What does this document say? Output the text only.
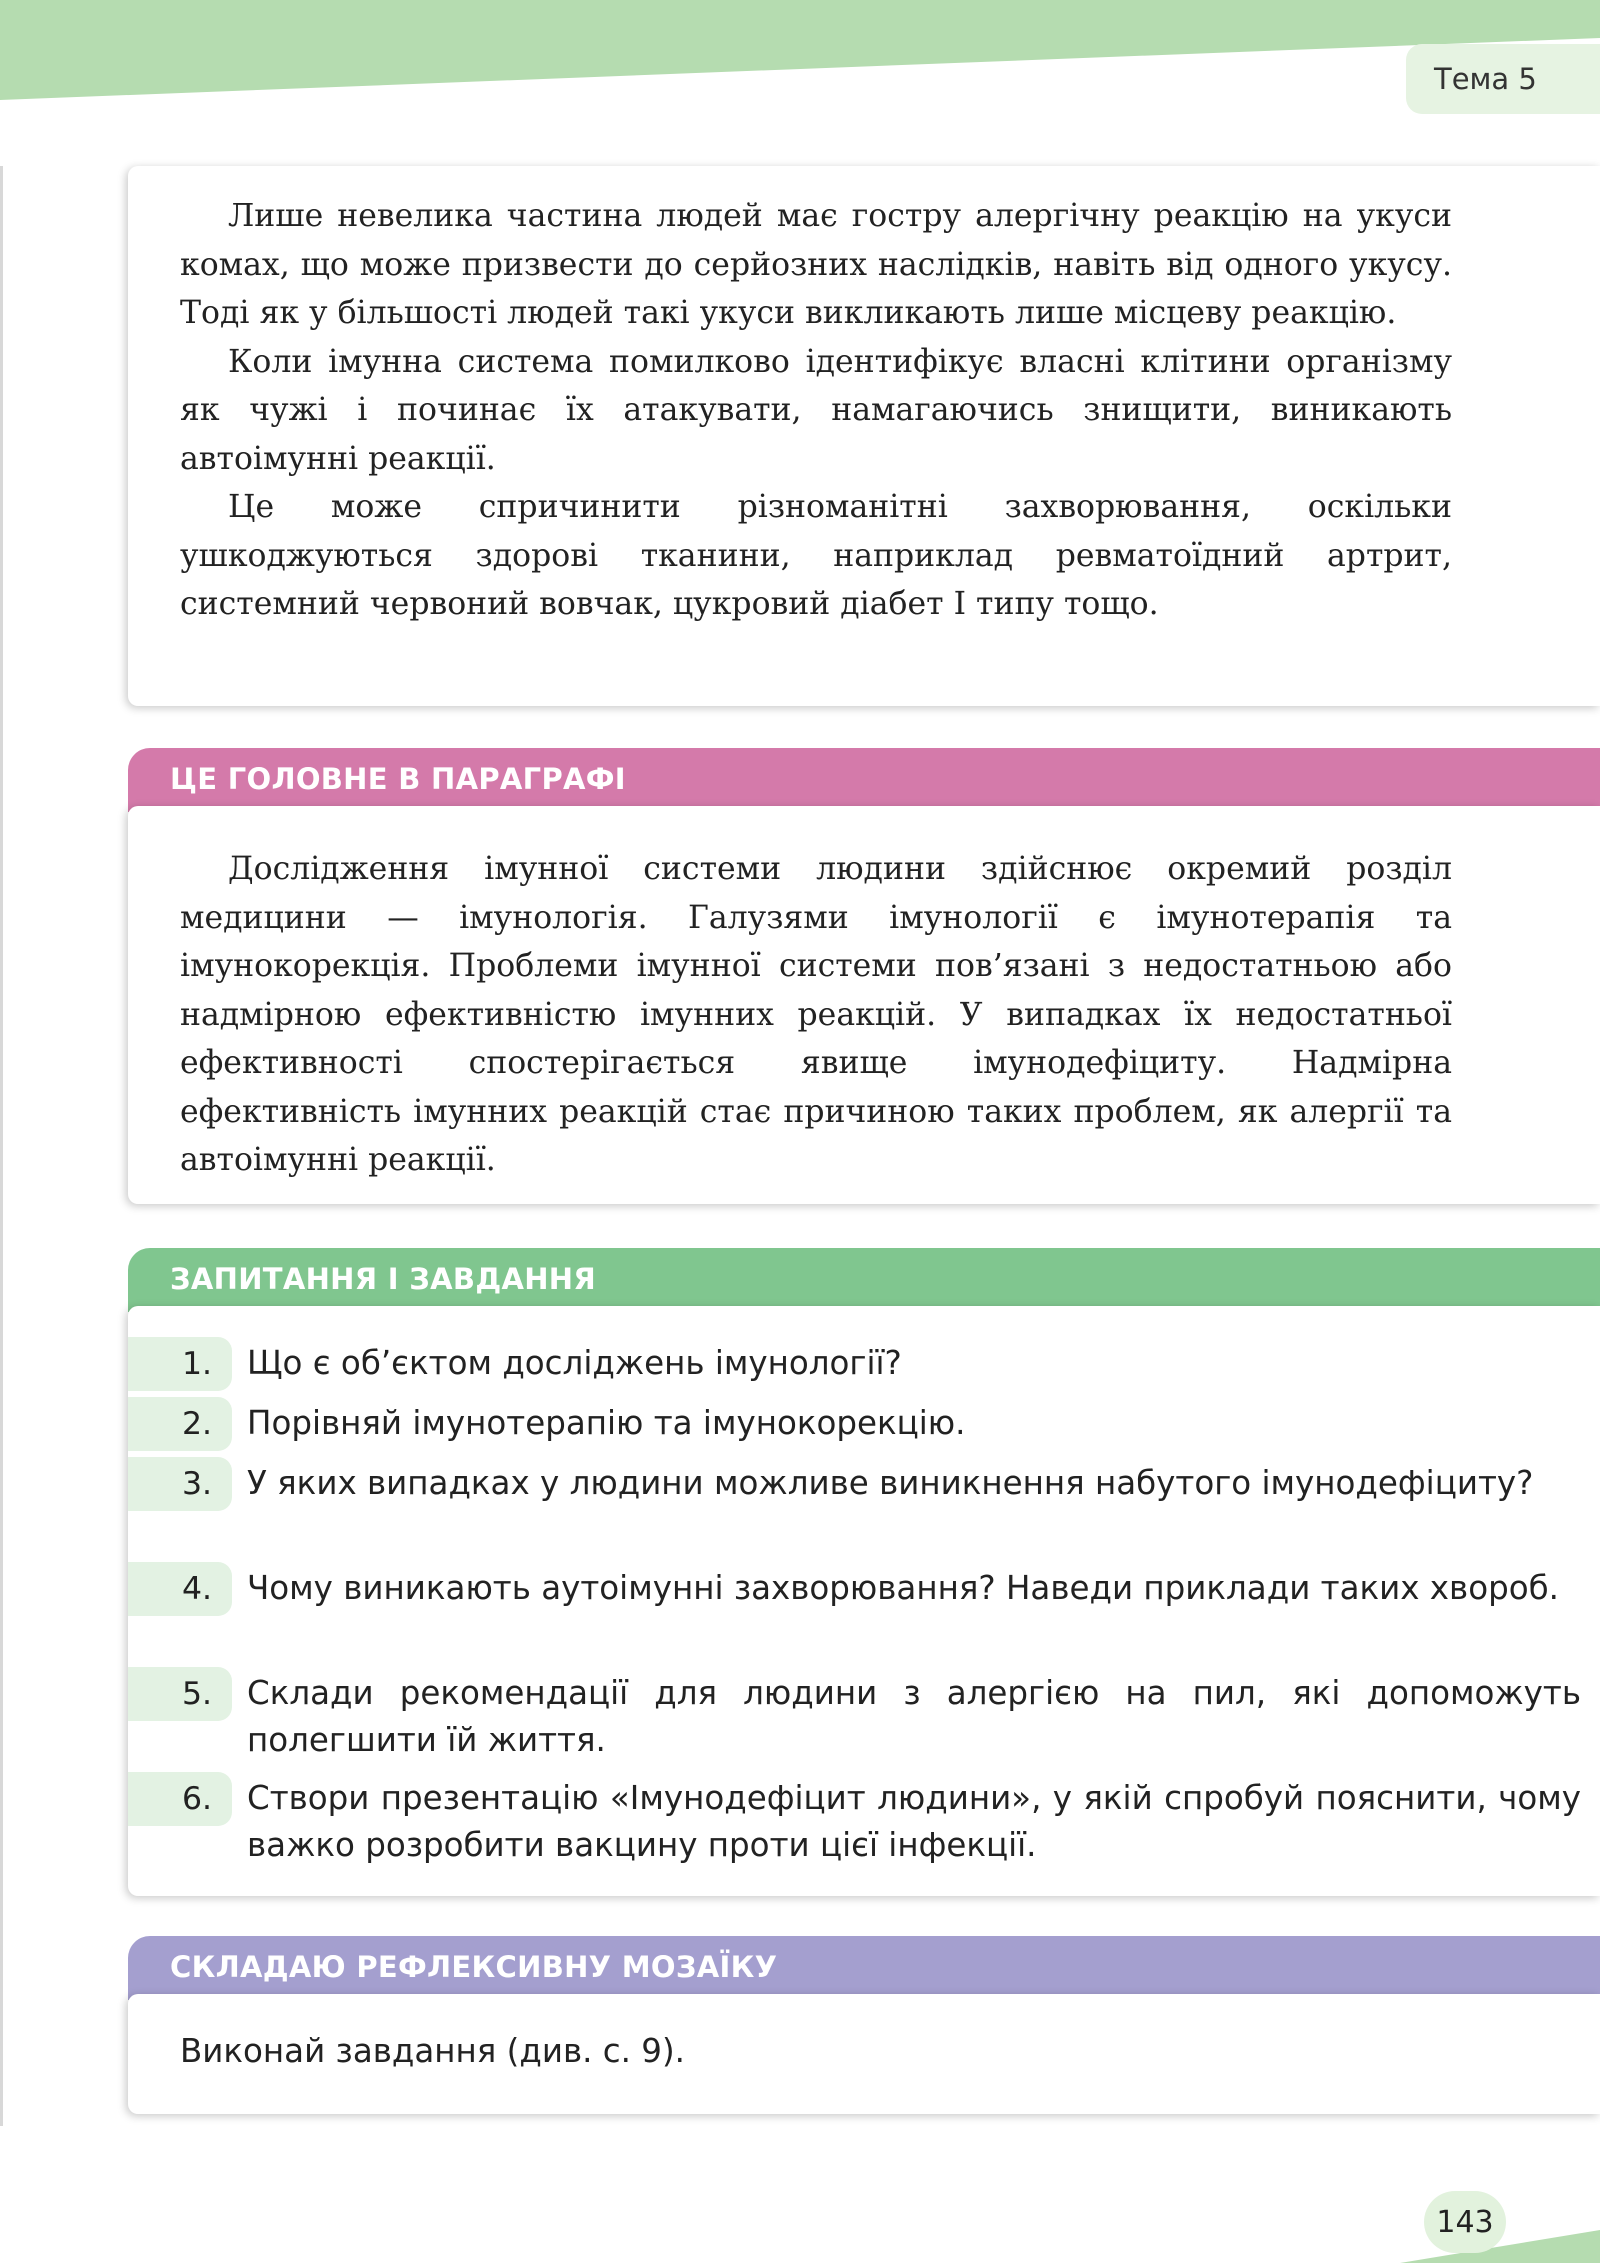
Тема 5

Лише невелика частина людей має гостру алергічну реакцію на укуси комах, що може призвести до серйозних наслідків, навіть від одного укусу. Тоді як у більшості людей такі укуси викликають лише місцеву реакцію.

Коли імунна система помилково ідентифікує власні клітини організму як чужі і починає їх атакувати, намагаючись знищити, виникають автоімунні реакції.

Це може спричинити різноманітні захворювання, оскільки ушкоджуються здорові тканини, наприклад ревматоїдний артрит, системний червоний вовчак, цукровий діабет І типу тощо.

ЦЕ ГОЛОВНЕ В ПАРАГРАФІ

Дослідження імунної системи людини здійснює окремий розділ медицини — імунологія. Галузями імунології є імунотерапія та імунокорекція. Проблеми імунної системи пов’язані з недостатньою або надмірною ефективністю імунних реакцій. У випадках їх недостатньої ефективності спостерігається явище імунодефіциту. Надмірна ефективність імунних реакцій стає причиною таких проблем, як алергії та автоімунні реакції.

ЗАПИТАННЯ І ЗАВДАННЯ
1.	Що є об’єктом досліджень імунології?
2.	Порівняй імунотерапію та імунокорекцію.
3.	У яких випадках у людини можливе виникнення набутого імунодефіциту?
4.	Чому виникають аутоімунні захворювання? Наведи приклади таких хвороб.
5.	Склади рекомендації для людини з алергією на пил, які допоможуть полегшити їй життя.
6.	Створи презентацію «Імунодефіцит людини», у якій спробуй пояснити, чому важко розробити вакцину проти цієї інфекції.
СКЛАДАЮ РЕФЛЕКСИВНУ МОЗАЇКУ
Виконай завдання (див. с. 9).
143
